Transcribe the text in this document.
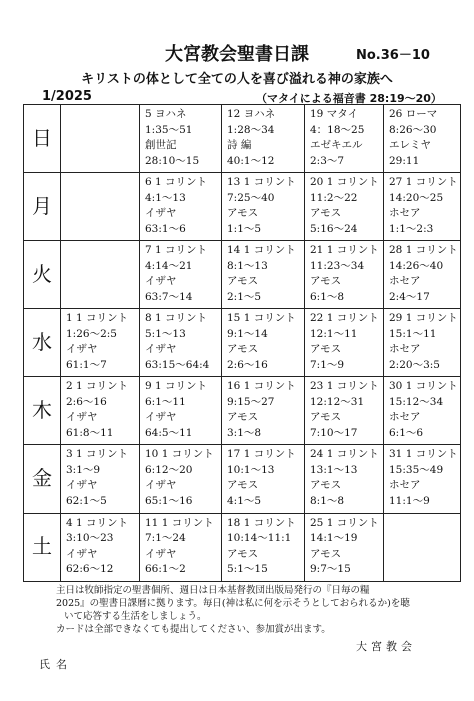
大宮教会聖書日課	No.36－10
キリストの体として全ての人を喜び溢れる神の家族へ
1/2025	（マタイによる福音書 28:19～20）
日		5 ヨハネ
1:35～51
創世記
28:10～15	12 ヨハネ
1:28～34
詩 編
40:1～12	19 マタイ
4：18～25
エゼキエル
2:3～7	26 ローマ
8:26～30
エレミヤ
29:11

月		6 1 コリント
4:1～13
イザヤ
63:1～6	13 1 コリント
7:25～40
アモス
1:1～5	20 1 コリント
11:2～22
アモス
5:16～24	27 1 コリント
14:20～25
ホセア
1:1～2:3

火		7 1 コリント
4:14～21
イザヤ
63:7～14	14 1 コリント
8:1～13
アモス
2:1～5	21 1 コリント
11:23～34
アモス
6:1～8	28 1 コリント
14:26～40
ホセア
2:4～17

水	1 1 コリント
1:26～2:5
イザヤ
61:1～7	8 1 コリント
5:1～13
イザヤ
63:15～64:4	15 1 コリント
9:1～14
アモス
2:6～16	22 1 コリント
12:1～11
アモス
7:1～9	29 1 コリント
15:1～11
ホセア
2:20～3:5

木	2 1 コリント
2:6～16
イザヤ
61:8～11	9 1 コリント
6:1～11
イザヤ
64:5～11	16 1 コリント
9:15～27
アモス
3:1～8	23 1 コリント
12:12～31
アモス
7:10～17	30 1 コリント
15:12～34
ホセア
6:1～6

金	3 1 コリント
3:1～9
イザヤ
62:1～5	10 1 コリント
6:12～20
イザヤ
65:1～16	17 1 コリント
10:1～13
アモス
4:1～5	24 1 コリント
13:1～13
アモス
8:1～8	31 1 コリント
15:35～49
ホセア
11:1～9

土	4 1 コリント
3:10～23
イザヤ
62:6～12	11 1 コリント
7:1～24
イザヤ
66:1～2	18 1 コリント
10:14～11:1
アモス
5:1～15	25 1 コリント
14:1～19
アモス
9:7～15	

主日は牧師指定の聖書個所、週日は日本基督教団出版局発行の『日毎の糧

2025』の聖書日課暦に拠ります。毎日(神は私に何を示そうとしておられるか)を聴

いて応答する生活をしましょう。

カードは全部できなくても提出してください、参加賞が出ます。

大宮教会
氏名
